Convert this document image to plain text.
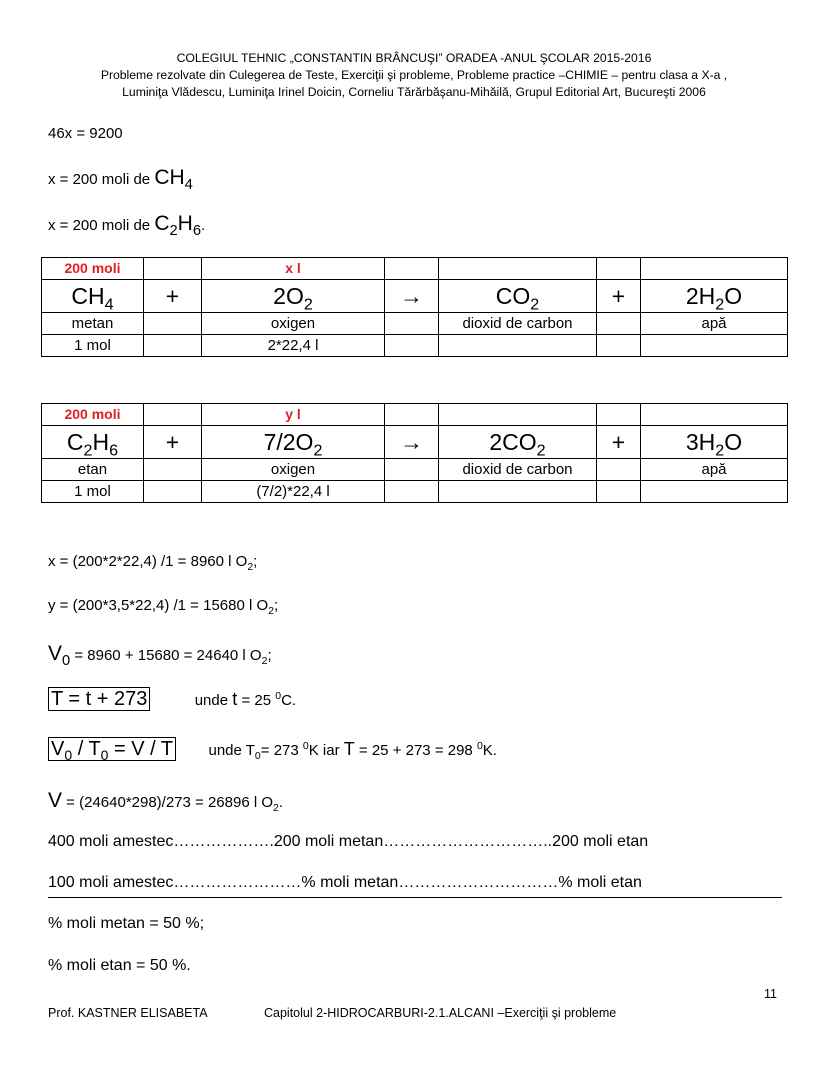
COLEGIUL TEHNIC „CONSTANTIN BRÂNCUŞI” ORADEA -ANUL ŞCOLAR 2015-2016
Probleme rezolvate din Culegerea de Teste, Exerciţii şi probleme, Probleme practice –CHIMIE – pentru clasa a X-a ,
Luminiţa Vlădescu, Luminiţa Irinel Doicin, Corneliu Tărărbăşanu-Mihăilă, Grupul Editorial Art, Bucureşti 2006
46x = 9200
x = 200 moli de $CH_4$
x = 200 moli de $C_2H_6$.
200 moli		x l				
$CH_4$	+	$2O_2$	→	$CO_2$	+	$2H_2O$
metan		oxigen		dioxid de carbon		apă
1 mol		2*22,4 l				
200 moli		y l				
$C_2H_6$	+	$7/2O_2$	→	$2CO_2$	+	$3H_2O$
etan		oxigen		dioxid de carbon		apă
1 mol		(7/2)*22,4 l				
x = (200*2*22,4) /1 = 8960 l $O_2$;
y = (200*3,5*22,4) /1 = 15680 l $O_2$;
$V_0 = 8960 + 15680 = 24640$ l $O_2$;
T = t + 273	unde t = 25 $^0$C.
$V_0 / T_0 = V / T$ unde $T_0= 273$ $^0$K iar T = 25 + 273 = 298 $^0$K.
V = (24640*298)/273 = 26896 l $O_2$.
400 moli amestec……………….200 moli metan…………………………..200 moli etan
100 moli amestec……………………% moli metan…………………………% moli etan
% moli metan = 50 %;
% moli etan = 50 %.
11
Prof. KASTNER ELISABETA	Capitolul 2-HIDROCARBURI-2.1.ALCANI –Exerciţii şi probleme
